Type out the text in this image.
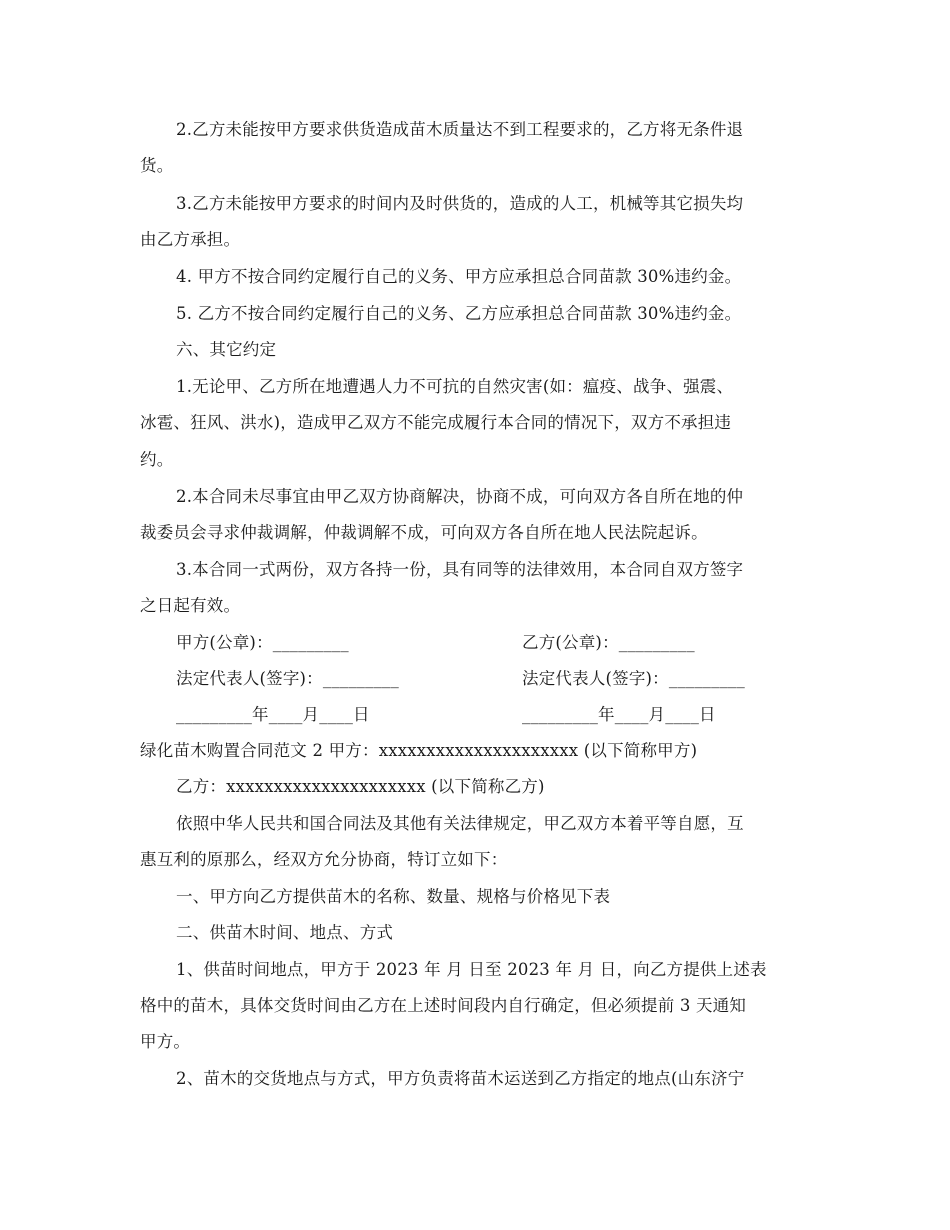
2.乙方未能按甲方要求供货造成苗木质量达不到工程要求的，乙方将无条件退
货。
3.乙方未能按甲方要求的时间内及时供货的，造成的人工，机械等其它损失均
由乙方承担。
4. 甲方不按合同约定履行自己的义务、甲方应承担总合同苗款 30%违约金。
5. 乙方不按合同约定履行自己的义务、乙方应承担总合同苗款 30%违约金。
六、其它约定
1.无论甲、乙方所在地遭遇人力不可抗的自然灾害(如：瘟疫、战争、强震、
冰雹、狂风、洪水)，造成甲乙双方不能完成履行本合同的情况下，双方不承担违
约。
2.本合同未尽事宜由甲乙双方协商解决，协商不成，可向双方各自所在地的仲
裁委员会寻求仲裁调解，仲裁调解不成，可向双方各自所在地人民法院起诉。
3.本合同一式两份，双方各持一份，具有同等的法律效用，本合同自双方签字
之日起有效。
甲方(公章)：_________	乙方(公章)：_________
法定代表人(签字)：_________	法定代表人(签字)：_________
_________年____月____日	_________年____月____日
绿化苗木购置合同范文 2 甲方：xxxxxxxxxxxxxxxxxxxxx (以下简称甲方)
乙方：xxxxxxxxxxxxxxxxxxxxx (以下简称乙方)
依照中华人民共和国合同法及其他有关法律规定，甲乙双方本着平等自愿，互
惠互利的原那么，经双方允分协商，特订立如下：
一、甲方向乙方提供苗木的名称、数量、规格与价格见下表
二、供苗木时间、地点、方式
1、供苗时间地点，甲方于 2023 年 月 日至 2023 年 月 日，向乙方提供上述表
格中的苗木，具体交货时间由乙方在上述时间段内自行确定，但必须提前 3 天通知
甲方。
2、苗木的交货地点与方式，甲方负责将苗木运送到乙方指定的地点(山东济宁
